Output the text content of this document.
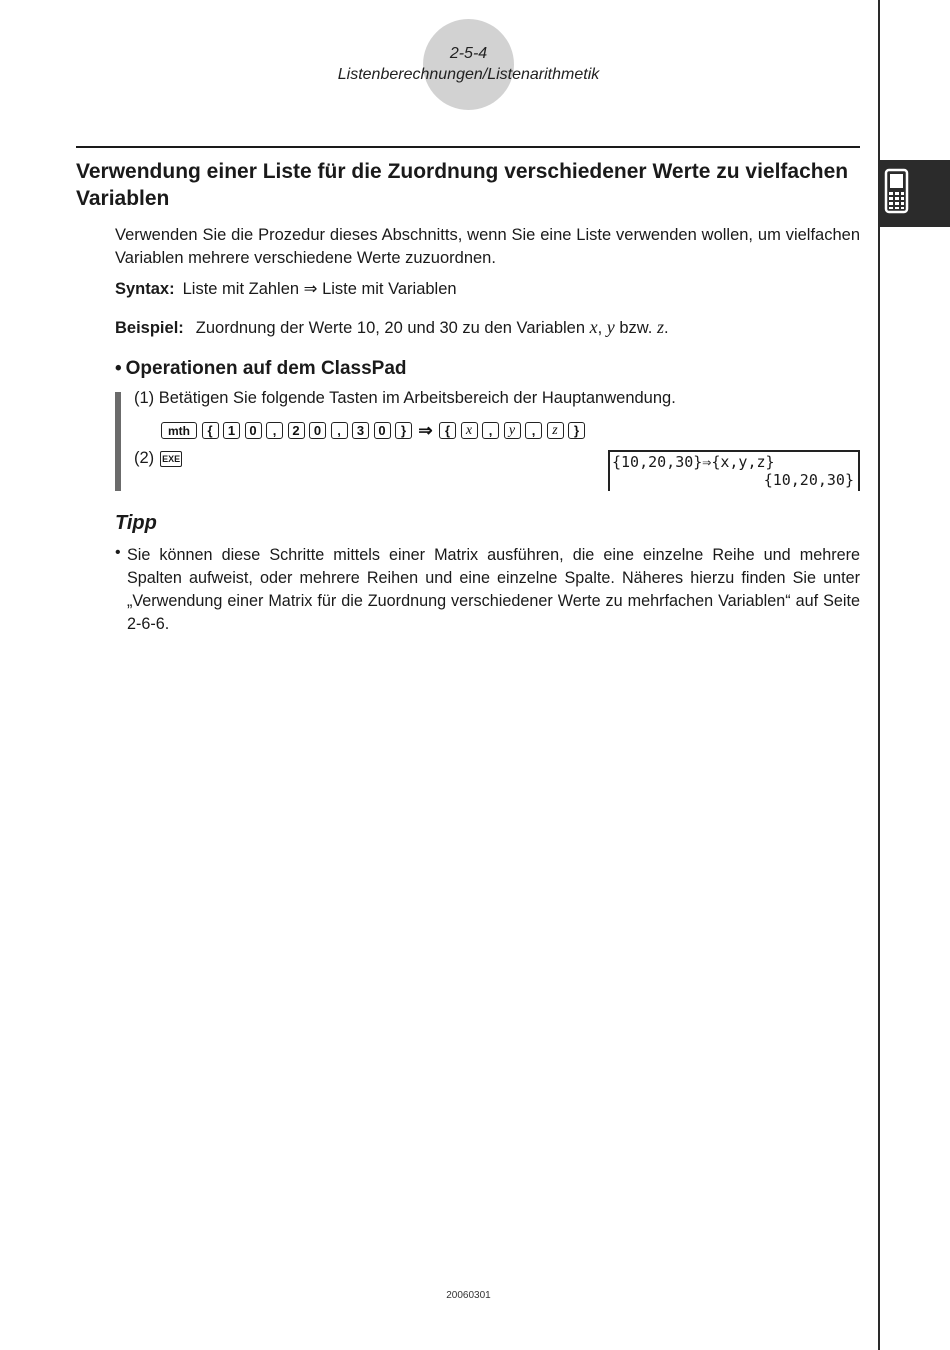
2-5-4
Listenberechnungen/Listenarithmetik
Verwendung einer Liste für die Zuordnung verschiedener Werte zu vielfachen Variablen
Verwenden Sie die Prozedur dieses Abschnitts, wenn Sie eine Liste verwenden wollen, um vielfachen Variablen mehrere verschiedene Werte zuzuordnen.
Syntax: Liste mit Zahlen ⇒ Liste mit Variablen
Beispiel: Zuordnung der Werte 10, 20 und 30 zu den Variablen x, y bzw. z.
• Operationen auf dem ClassPad
(1) Betätigen Sie folgende Tasten im Arbeitsbereich der Hauptanwendung.
mth	{	1	0	,	2	0	,	3	0	} ⇒ {	x	,	y	,	z	}
(2) EXE	{10,20,30}⇒{x,y,z}
{10,20,30}
Tipp
• Sie können diese Schritte mittels einer Matrix ausführen, die eine einzelne Reihe und mehrere Spalten aufweist, oder mehrere Reihen und eine einzelne Spalte. Näheres hierzu finden Sie unter „Verwendung einer Matrix für die Zuordnung verschiedener Werte zu mehrfachen Variablen“ auf Seite 2-6-6.
20060301
